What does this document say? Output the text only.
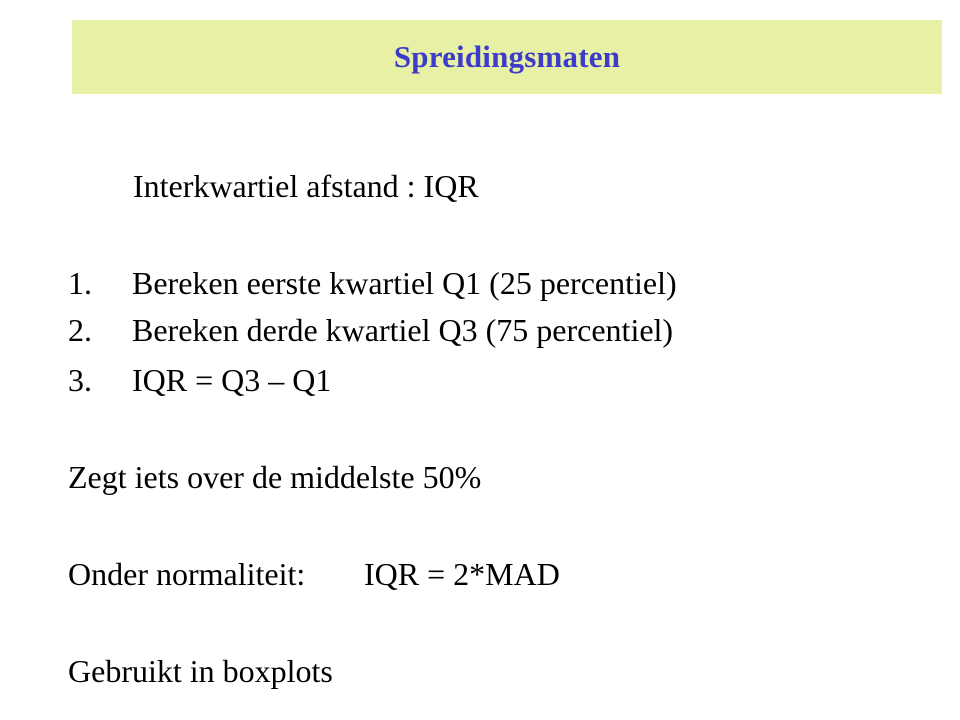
Spreidingsmaten
Interkwartiel afstand : IQR
1.	Bereken eerste kwartiel Q1 (25 percentiel)
2.	Bereken derde kwartiel Q3 (75 percentiel)
3.	IQR = Q3 – Q1
Zegt iets over de middelste 50%
Onder normaliteit: IQR = 2*MAD
Gebruikt in boxplots
